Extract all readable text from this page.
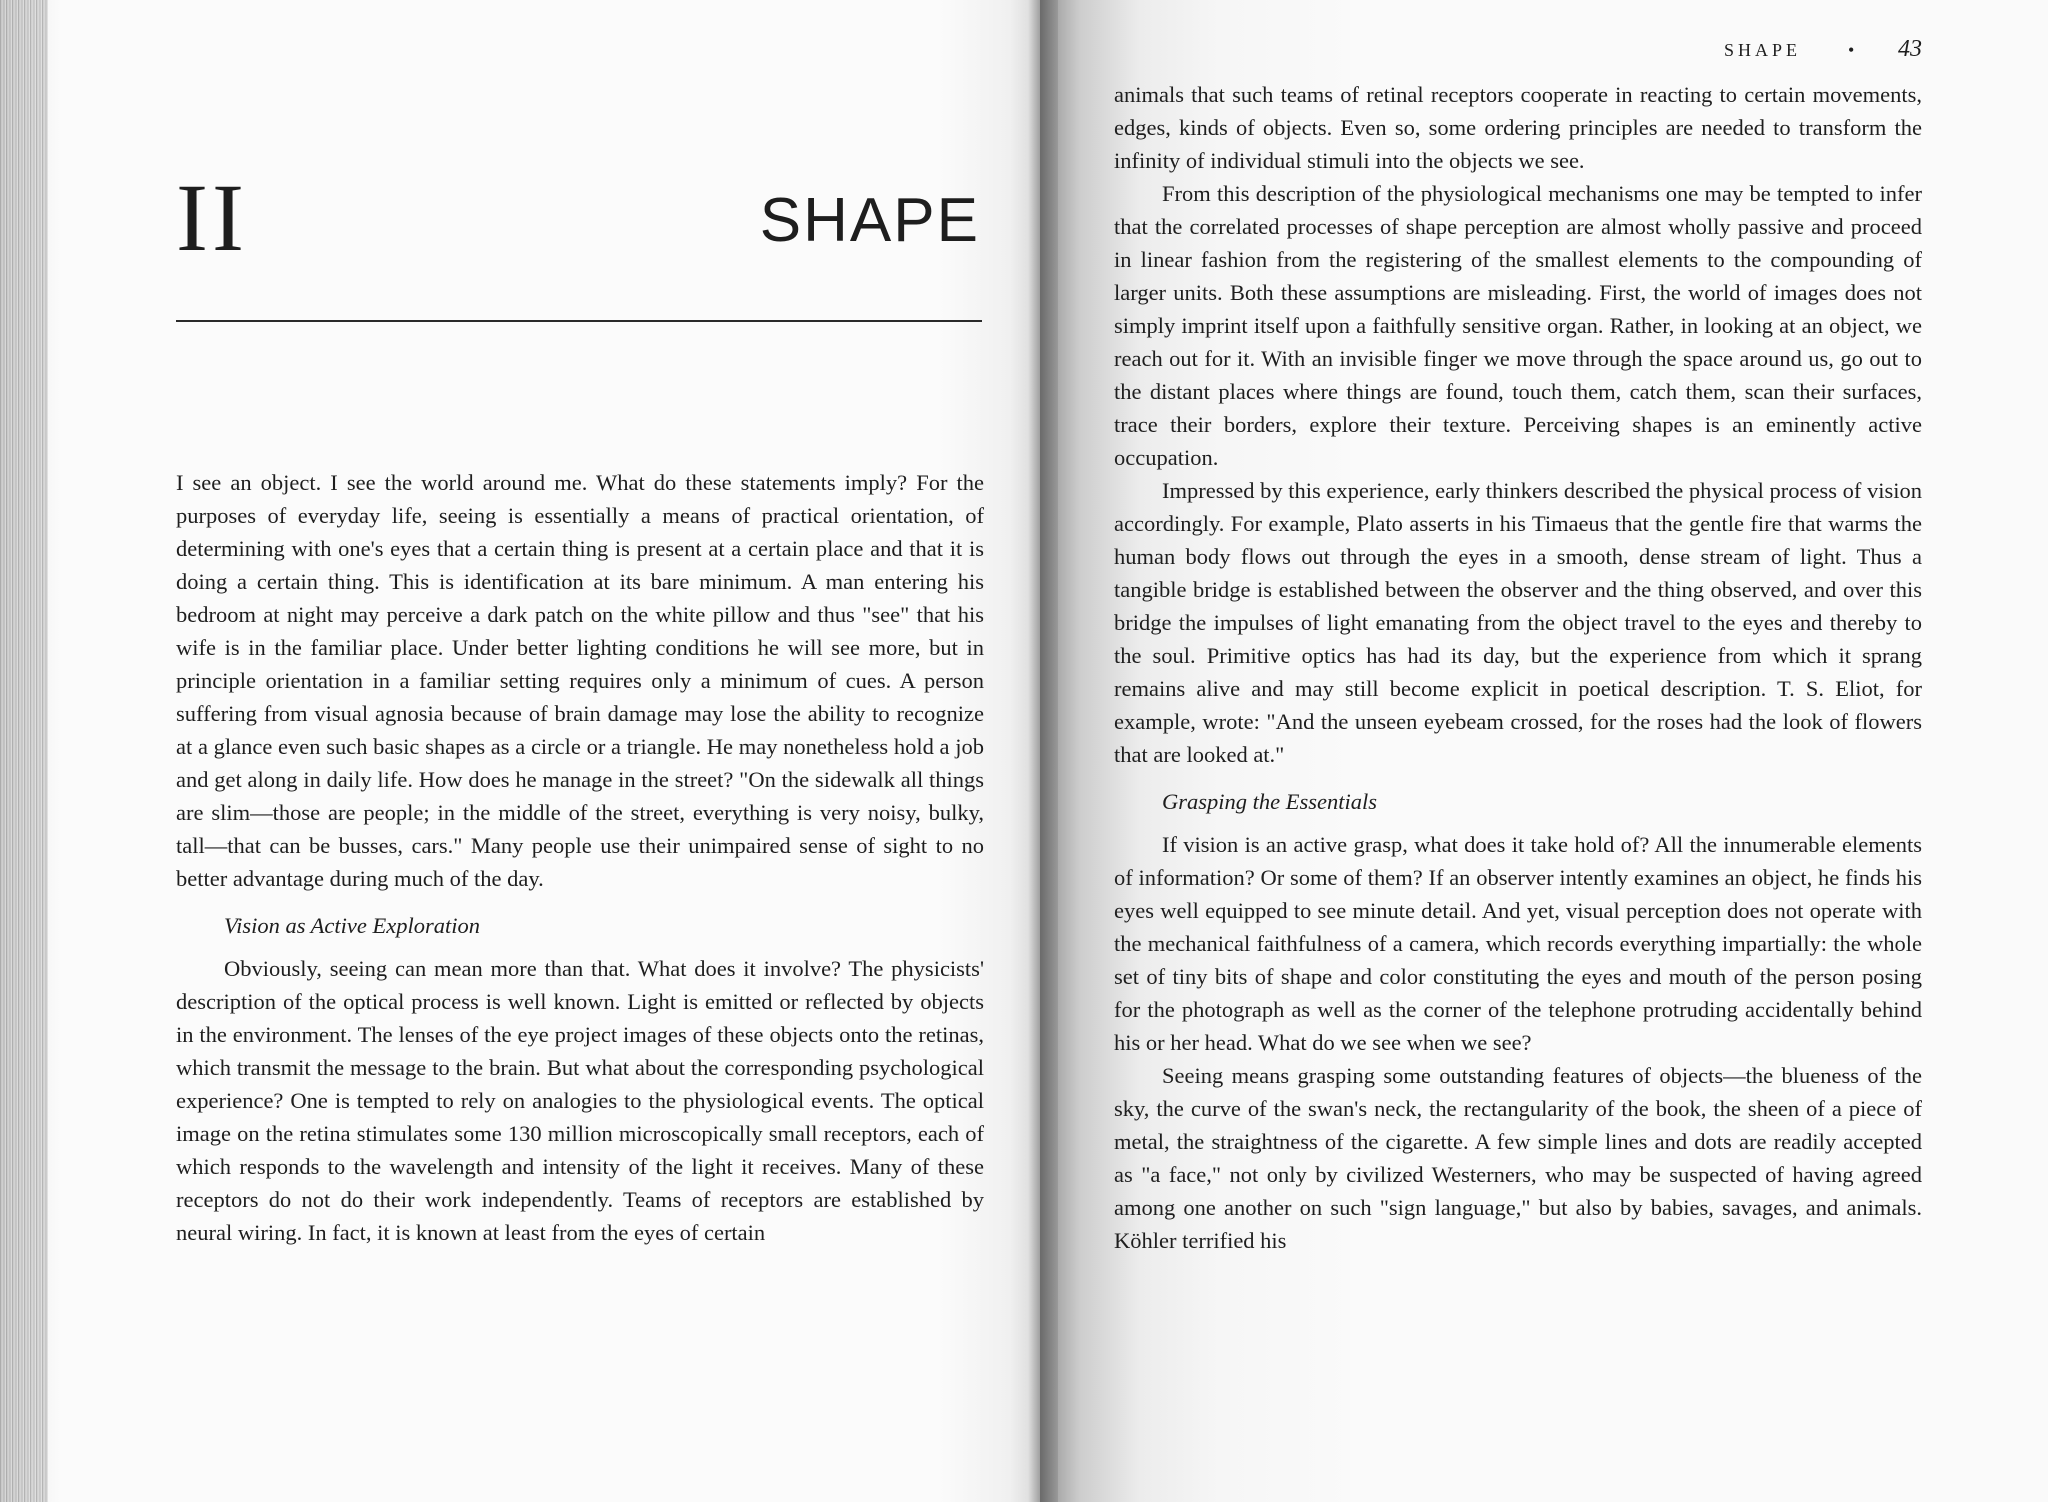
II	SHAPE

I see an object. I see the world around me. What do these statements imply? For the purposes of everyday life, seeing is essentially a means of practical orientation, of determining with one's eyes that a certain thing is present at a certain place and that it is doing a certain thing. This is identification at its bare minimum. A man entering his bedroom at night may perceive a dark patch on the white pillow and thus "see" that his wife is in the familiar place. Under better lighting conditions he will see more, but in principle orientation in a familiar setting requires only a minimum of cues. A person suffering from visual agnosia because of brain damage may lose the ability to recognize at a glance even such basic shapes as a circle or a triangle. He may nonetheless hold a job and get along in daily life. How does he manage in the street? "On the sidewalk all things are slim—those are people; in the middle of the street, everything is very noisy, bulky, tall—that can be busses, cars." Many people use their unimpaired sense of sight to no better advantage during much of the day.

Vision as Active Exploration

Obviously, seeing can mean more than that. What does it involve? The physicists' description of the optical process is well known. Light is emitted or reflected by objects in the environment. The lenses of the eye project images of these objects onto the retinas, which transmit the message to the brain. But what about the corresponding psychological experience? One is tempted to rely on analogies to the physiological events. The optical image on the retina stimulates some 130 million microscopically small receptors, each of which responds to the wavelength and intensity of the light it receives. Many of these receptors do not do their work independently. Teams of receptors are established by neural wiring. In fact, it is known at least from the eyes of certain

SHAPE	• 43

animals that such teams of retinal receptors cooperate in reacting to certain movements, edges, kinds of objects. Even so, some ordering principles are needed to transform the infinity of individual stimuli into the objects we see.

From this description of the physiological mechanisms one may be tempted to infer that the correlated processes of shape perception are almost wholly passive and proceed in linear fashion from the registering of the smallest elements to the compounding of larger units. Both these assumptions are misleading. First, the world of images does not simply imprint itself upon a faithfully sensitive organ. Rather, in looking at an object, we reach out for it. With an invisible finger we move through the space around us, go out to the distant places where things are found, touch them, catch them, scan their surfaces, trace their borders, explore their texture. Perceiving shapes is an eminently active occupation.

Impressed by this experience, early thinkers described the physical process of vision accordingly. For example, Plato asserts in his Timaeus that the gentle fire that warms the human body flows out through the eyes in a smooth, dense stream of light. Thus a tangible bridge is established between the observer and the thing observed, and over this bridge the impulses of light emanating from the object travel to the eyes and thereby to the soul. Primitive optics has had its day, but the experience from which it sprang remains alive and may still become explicit in poetical description. T. S. Eliot, for example, wrote: "And the unseen eyebeam crossed, for the roses had the look of flowers that are looked at."

Grasping the Essentials

If vision is an active grasp, what does it take hold of? All the innumerable elements of information? Or some of them? If an observer intently examines an object, he finds his eyes well equipped to see minute detail. And yet, visual perception does not operate with the mechanical faithfulness of a camera, which records everything impartially: the whole set of tiny bits of shape and color constituting the eyes and mouth of the person posing for the photograph as well as the corner of the telephone protruding accidentally behind his or her head. What do we see when we see?

Seeing means grasping some outstanding features of objects—the blueness of the sky, the curve of the swan's neck, the rectangularity of the book, the sheen of a piece of metal, the straightness of the cigarette. A few simple lines and dots are readily accepted as "a face," not only by civilized Westerners, who may be suspected of having agreed among one another on such "sign language," but also by babies, savages, and animals. Köhler terrified his
